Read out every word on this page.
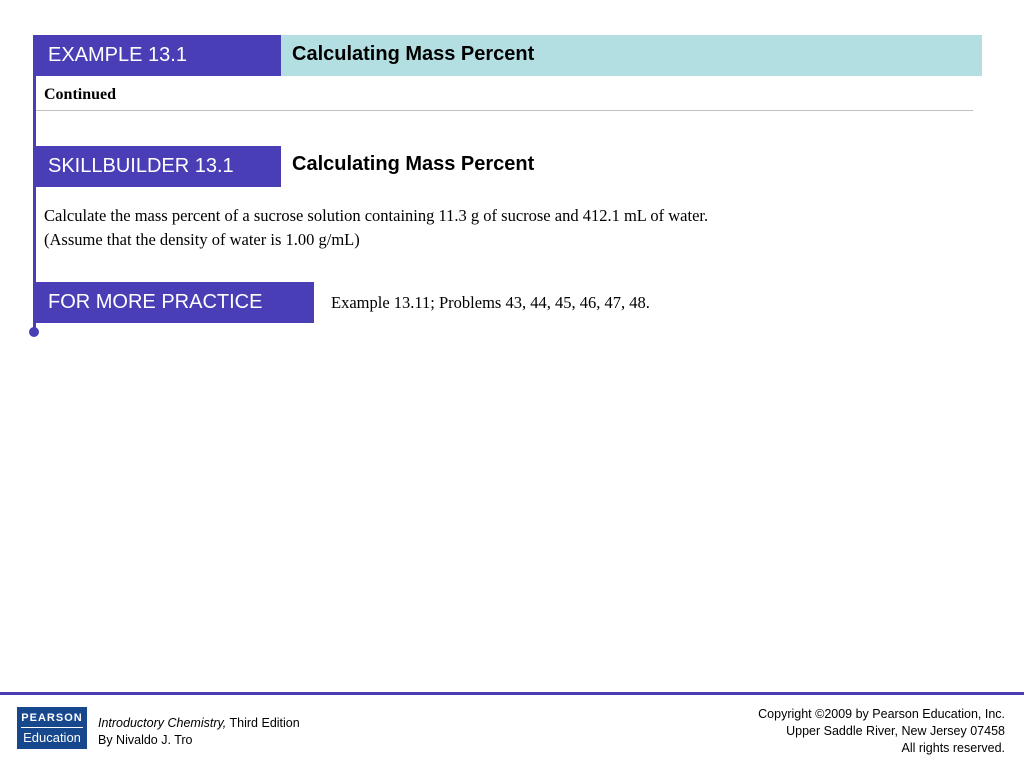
EXAMPLE 13.1	Calculating Mass Percent
Continued
SKILLBUILDER 13.1	Calculating Mass Percent
Calculate the mass percent of a sucrose solution containing 11.3 g of sucrose and 412.1 mL of water.
(Assume that the density of water is 1.00 g/mL)
FOR MORE PRACTICE	Example 13.11; Problems 43, 44, 45, 46, 47, 48.
PEARSON
Education
Introductory Chemistry, Third Edition
By Nivaldo J. Tro
Copyright ©2009 by Pearson Education, Inc.
Upper Saddle River, New Jersey 07458
All rights reserved.
